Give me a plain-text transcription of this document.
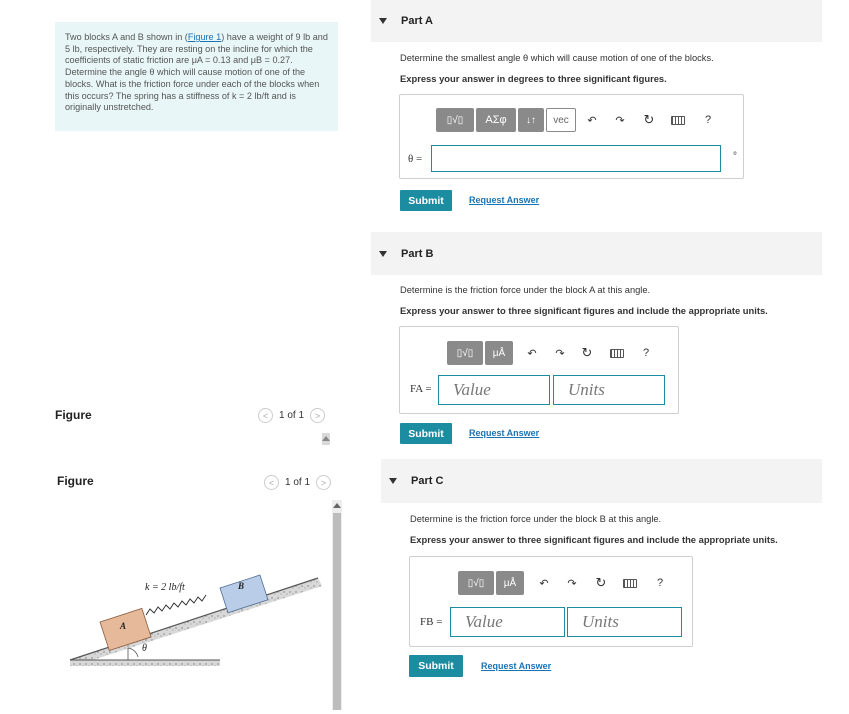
Two blocks A and B shown in (Figure 1) have a weight of 9 lb and 5 lb, respectively. They are resting on the incline for which the coefficients of static friction are μA = 0.13 and μB = 0.27. Determine the angle θ which will cause motion of one of the blocks. What is the friction force under each of the blocks when this occurs? The spring has a stiffness of k = 2 lb/ft and is originally unstretched.
Figure	<	1 of 1	>
Figure	<	1 of 1	>
k = 2 lb/ft
A
B
θ
Part A
Determine the smallest angle θ which will cause motion of one of the blocks.
Express your answer in degrees to three significant figures.
▯√▯	ΑΣφ	↓↑	vec	↶ ↷ ↻	?
θ =	°
Submit	Request Answer
Part B
Determine is the friction force under the block A at this angle.
Express your answer to three significant figures and include the appropriate units.
▯√▯	μÅ	↶ ↷ ↻	?
FA =	Value	Units
Submit	Request Answer
Part C
Determine is the friction force under the block B at this angle.
Express your answer to three significant figures and include the appropriate units.
▯√▯	μÅ	↶ ↷ ↻	?
FB =	Value	Units
Submit	Request Answer
